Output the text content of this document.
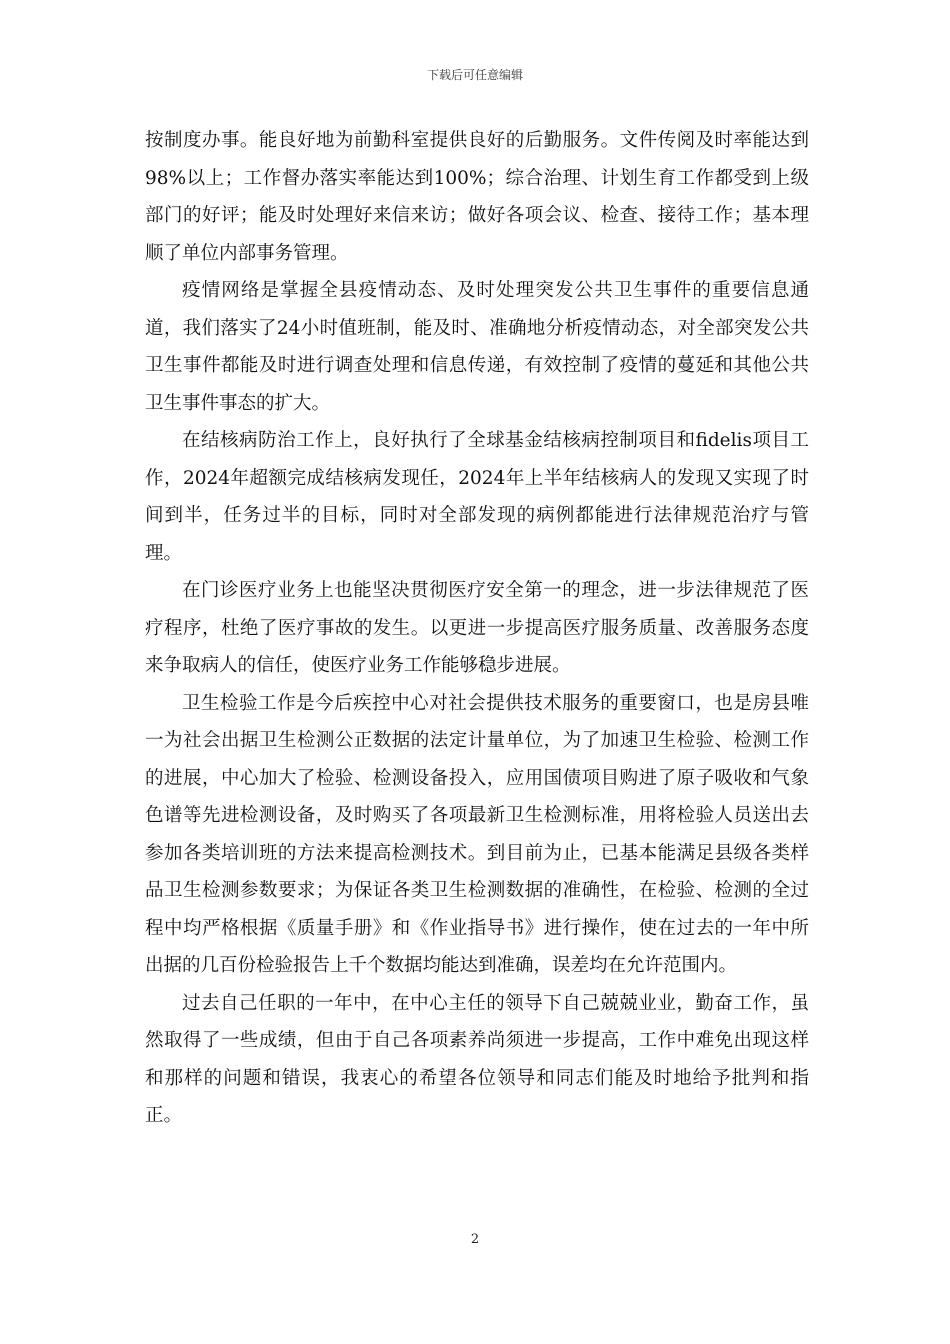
下载后可任意编辑

按制度办事。能良好地为前勤科室提供良好的后勤服务。文件传阅及时率能达到98%以上；工作督办落实率能达到100%；综合治理、计划生育工作都受到上级部门的好评；能及时处理好来信来访；做好各项会议、检查、接待工作；基本理顺了单位内部事务管理。

疫情网络是掌握全县疫情动态、及时处理突发公共卫生事件的重要信息通道，我们落实了24小时值班制，能及时、准确地分析疫情动态，对全部突发公共卫生事件都能及时进行调查处理和信息传递，有效控制了疫情的蔓延和其他公共卫生事件事态的扩大。

在结核病防治工作上，良好执行了全球基金结核病控制项目和fidelis项目工作，2024年超额完成结核病发现任，2024年上半年结核病人的发现又实现了时间到半，任务过半的目标，同时对全部发现的病例都能进行法律规范治疗与管理。

在门诊医疗业务上也能坚决贯彻医疗安全第一的理念，进一步法律规范了医疗程序，杜绝了医疗事故的发生。以更进一步提高医疗服务质量、改善服务态度来争取病人的信任，使医疗业务工作能够稳步进展。

卫生检验工作是今后疾控中心对社会提供技术服务的重要窗口，也是房县唯一为社会出据卫生检测公正数据的法定计量单位，为了加速卫生检验、检测工作的进展，中心加大了检验、检测设备投入，应用国债项目购进了原子吸收和气象色谱等先进检测设备，及时购买了各项最新卫生检测标准，用将检验人员送出去参加各类培训班的方法来提高检测技术。到目前为止，已基本能满足县级各类样品卫生检测参数要求；为保证各类卫生检测数据的准确性，在检验、检测的全过程中均严格根据《质量手册》和《作业指导书》进行操作，使在过去的一年中所出据的几百份检验报告上千个数据均能达到准确，误差均在允许范围内。

过去自己任职的一年中，在中心主任的领导下自己兢兢业业，勤奋工作，虽然取得了一些成绩，但由于自己各项素养尚须进一步提高，工作中难免出现这样和那样的问题和错误，我衷心的希望各位领导和同志们能及时地给予批判和指正。

2
